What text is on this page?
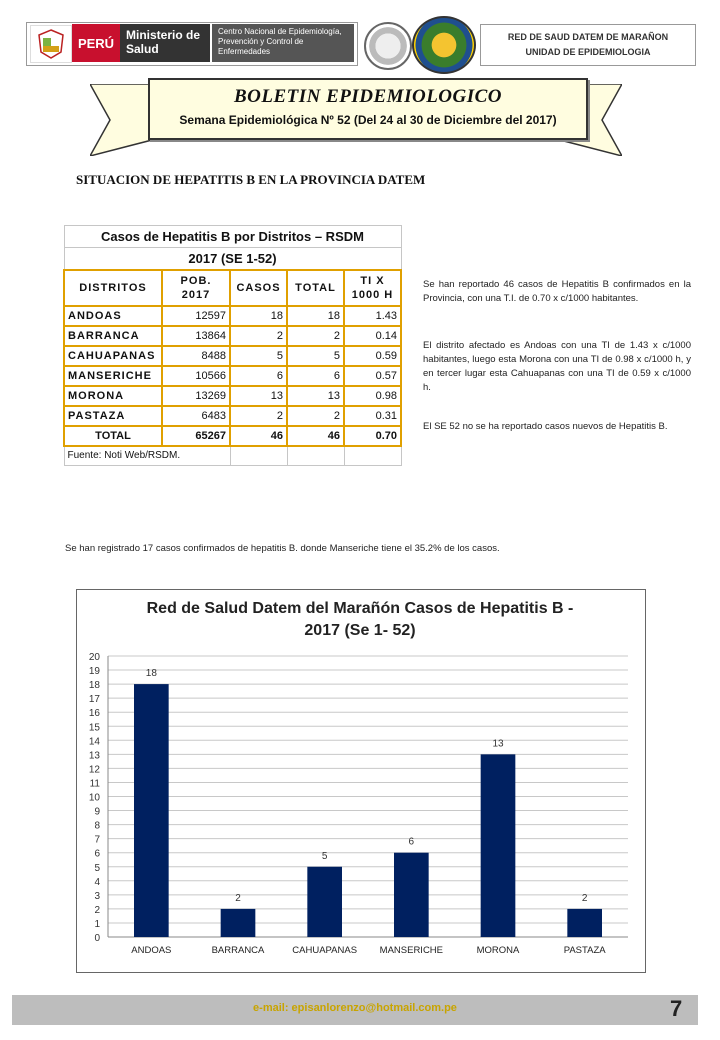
PERÚ
Ministerio de Salud
Centro Nacional de Epidemiología, Prevención y Control de Enfermedades
RED DE SAUD DATEM DE MARAÑON
UNIDAD DE EPIDEMIOLOGIA
BOLETIN EPIDEMIOLOGICO
Semana Epidemiológica Nº 52 (Del 24 al 30 de Diciembre del 2017)
SITUACION DE HEPATITIS B EN LA PROVINCIA DATEM
Casos de Hepatitis B por Distritos – RSDM				
2017 (SE 1-52)				
DISTRITOS	POB. 2017	CASOS	TOTAL	TI X 1000 H
ANDOAS	12597	18	18	1.43
BARRANCA	13864	2	2	0.14
CAHUAPANAS	8488	5	5	0.59
MANSERICHE	10566	6	6	0.57
MORONA	13269	13	13	0.98
PASTAZA	6483	2	2	0.31
TOTAL	65267	46	46	0.70
Fuente: Noti Web/RSDM.				
Se han reportado 46 casos de Hepatitis B confirmados en la Provincia, con una T.I. de 0.70 x c/1000 habitantes.
El distrito afectado es Andoas con una TI de 1.43 x c/1000 habitantes, luego esta Morona con una TI de 0.98 x c/1000 h, y en tercer lugar esta Cahuapanas con una TI de 0.59 x c/1000 h.
El SE 52 no se ha reportado casos nuevos de Hepatitis B.
Se han registrado 17 casos confirmados de hepatitis B. donde Manseriche tiene el 35.2% de los casos.
Red de Salud Datem del Marañón Casos de Hepatitis B - 2017 (Se 1- 52)
0
1
2
3
4
5
6
7
8
9
10
11
12
13
14
15
16
17
18
19
20
18
ANDOAS
2
BARRANCA
5
CAHUAPANAS
6
MANSERICHE
13
MORONA
2
PASTAZA
e-mail: episanlorenzo@hotmail.com.pe	7
